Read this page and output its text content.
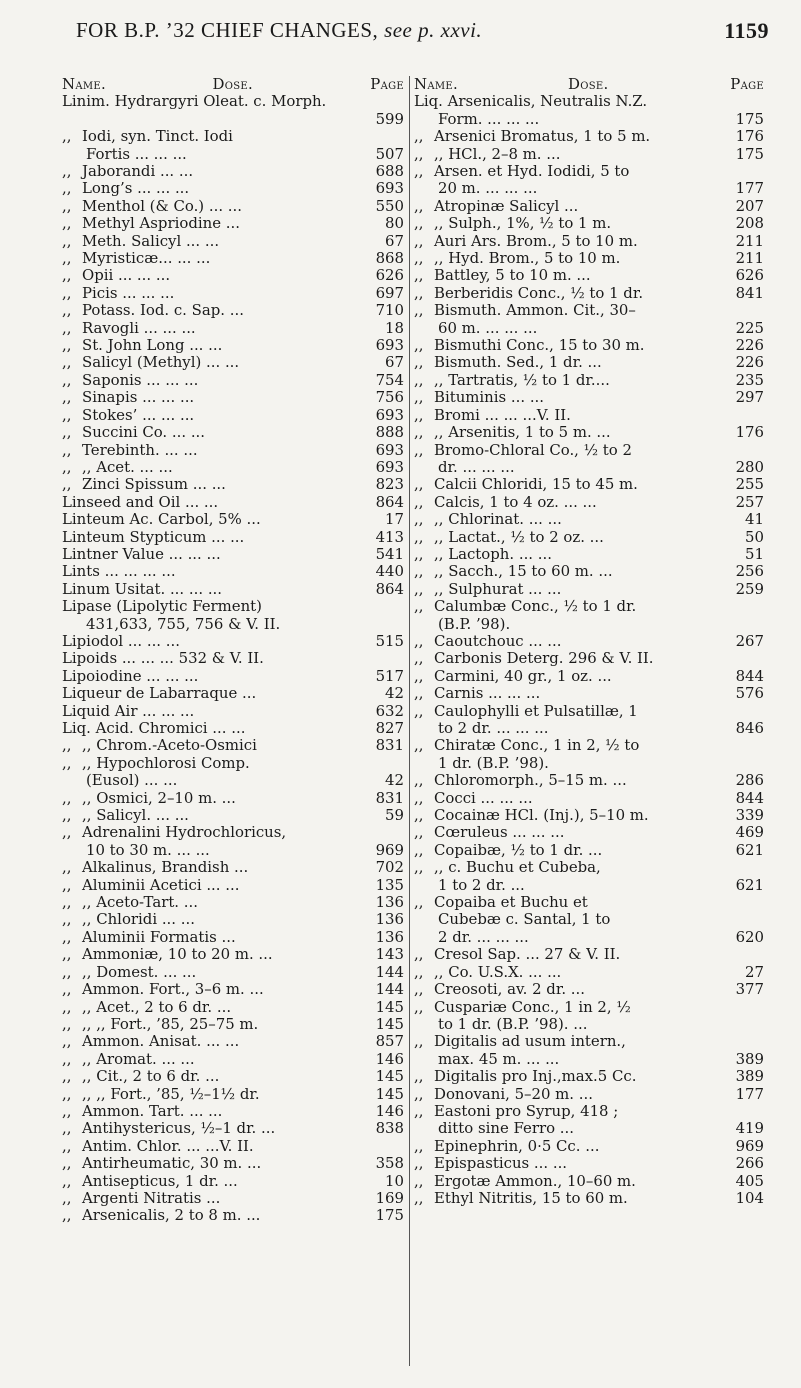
FOR B.P. ’32 CHIEF CHANGES, see p. xxvi.	1159
Name.	Dose.	Page
Linim. Hydrargyri Oleat. c. Morph.
599
,, Iodi, syn. Tinct. Iodi
Fortis ... ... ...	507
,, Jaborandi ... ...	688
,, Long’s ... ... ...	693
,, Menthol (& Co.) ... ...	550
,, Methyl Aspriodine ...	80
,, Meth. Salicyl ... ...	67
,, Myristicæ... ... ...	868
,, Opii ... ... ...	626
,, Picis ... ... ...	697
,, Potass. Iod. c. Sap. ...	710
,, Ravogli ... ... ...	18
,, St. John Long ... ...	693
,, Salicyl (Methyl) ... ...	67
,, Saponis ... ... ...	754
,, Sinapis ... ... ...	756
,, Stokes’ ... ... ...	693
,, Succini Co. ... ...	888
,, Terebinth. ... ...	693
,, ,, Acet. ... ...	693
,, Zinci Spissum ... ...	823
Linseed and Oil ... ...	864
Linteum Ac. Carbol, 5% ...	17
Linteum Stypticum ... ...	413
Lintner Value ... ... ...	541
Lints ... ... ... ...	440
Linum Usitat. ... ... ...	864
Lipase (Lipolytic Ferment)
431,633, 755, 756 & V. II.
Lipiodol ... ... ...	515
Lipoids ... ... ... 532 & V. II.
Lipoiodine ... ... ...	517
Liqueur de Labarraque ...	42
Liquid Air ... ... ...	632
Liq. Acid. Chromici ... ...	827
,, ,, Chrom.-Aceto-Osmici	831
,, ,, Hypochlorosi Comp.
(Eusol) ... ...	42
,, ,, Osmici, 2–10 m. ...	831
,, ,, Salicyl. ... ...	59
,, Adrenalini Hydrochloricus,
10 to 30 m. ... ...	969
,, Alkalinus, Brandish ...	702
,, Aluminii Acetici ... ...	135
,, ,, Aceto-Tart. ...	136
,, ,, Chloridi ... ...	136
,, Aluminii Formatis ...	136
,, Ammoniæ, 10 to 20 m. ...	143
,, ,, Domest. ... ...	144
,, Ammon. Fort., 3–6 m. ...	144
,, ,, Acet., 2 to 6 dr. ...	145
,, ,, ,, Fort., ’85, 25–75 m.	145
,, Ammon. Anisat. ... ...	857
,, ,, Aromat. ... ...	146
,, ,, Cit., 2 to 6 dr. ...	145
,, ,, ,, Fort., ’85, ½–1½ dr.	145
,, Ammon. Tart. ... ...	146
,, Antihystericus, ½–1 dr. ...	838
,, Antim. Chlor. ... ...V. II.
,, Antirheumatic, 30 m. ...	358
,, Antisepticus, 1 dr. ...	10
,, Argenti Nitratis ...	169
,, Arsenicalis, 2 to 8 m. ...	175
Name.	Dose.	Page
Liq. Arsenicalis, Neutralis N.Z.
Form. ... ... ...	175
,, Arsenici Bromatus, 1 to 5 m.	176
,, ,, HCl., 2–8 m. ...	175
,, Arsen. et Hyd. Iodidi, 5 to
20 m. ... ... ...	177
,, Atropinæ Salicyl ...	207
,, ,, Sulph., 1%, ½ to 1 m.	208
,, Auri Ars. Brom., 5 to 10 m.	211
,, ,, Hyd. Brom., 5 to 10 m.	211
,, Battley, 5 to 10 m. ...	626
,, Berberidis Conc., ½ to 1 dr.	841
,, Bismuth. Ammon. Cit., 30–
60 m. ... ... ...	225
,, Bismuthi Conc., 15 to 30 m.	226
,, Bismuth. Sed., 1 dr. ...	226
,, ,, Tartratis, ½ to 1 dr....	235
,, Bituminis ... ...	297
,, Bromi ... ... ...V. II.
,, ,, Arsenitis, 1 to 5 m. ...	176
,, Bromo-Chloral Co., ½ to 2
dr. ... ... ...	280
,, Calcii Chloridi, 15 to 45 m.	255
,, Calcis, 1 to 4 oz. ... ...	257
,, ,, Chlorinat. ... ...	41
,, ,, Lactat., ½ to 2 oz. ...	50
,, ,, Lactoph. ... ...	51
,, ,, Sacch., 15 to 60 m. ...	256
,, ,, Sulphurat ... ...	259
,, Calumbæ Conc., ½ to 1 dr.
(B.P. ’98).
,, Caoutchouc ... ...	267
,, Carbonis Deterg. 296 & V. II.
,, Carmini, 40 gr., 1 oz. ...	844
,, Carnis ... ... ...	576
,, Caulophylli et Pulsatillæ, 1
to 2 dr. ... ... ...	846
,, Chiratæ Conc., 1 in 2, ½ to
1 dr. (B.P. ’98).
,, Chloromorph., 5–15 m. ...	286
,, Cocci ... ... ...	844
,, Cocainæ HCl. (Inj.), 5–10 m.	339
,, Cœruleus ... ... ...	469
,, Copaibæ, ½ to 1 dr. ...	621
,, ,, c. Buchu et Cubeba,
1 to 2 dr. ...	621
,, Copaiba et Buchu et
Cubebæ c. Santal, 1 to
2 dr. ... ... ...	620
,, Cresol Sap. ... 27 & V. II.
,, ,, Co. U.S.X. ... ...	27
,, Creosoti, av. 2 dr. ...	377
,, Cuspariæ Conc., 1 in 2, ½
to 1 dr. (B.P. ’98). ...
,, Digitalis ad usum intern.,
max. 45 m. ... ...	389
,, Digitalis pro Inj.,max.5 Cc.	389
,, Donovani, 5–20 m. ...	177
,, Eastoni pro Syrup, 418 ;
ditto sine Ferro ...	419
,, Epinephrin, 0·5 Cc. ...	969
,, Epispasticus ... ...	266
,, Ergotæ Ammon., 10–60 m.	405
,, Ethyl Nitritis, 15 to 60 m.	104
